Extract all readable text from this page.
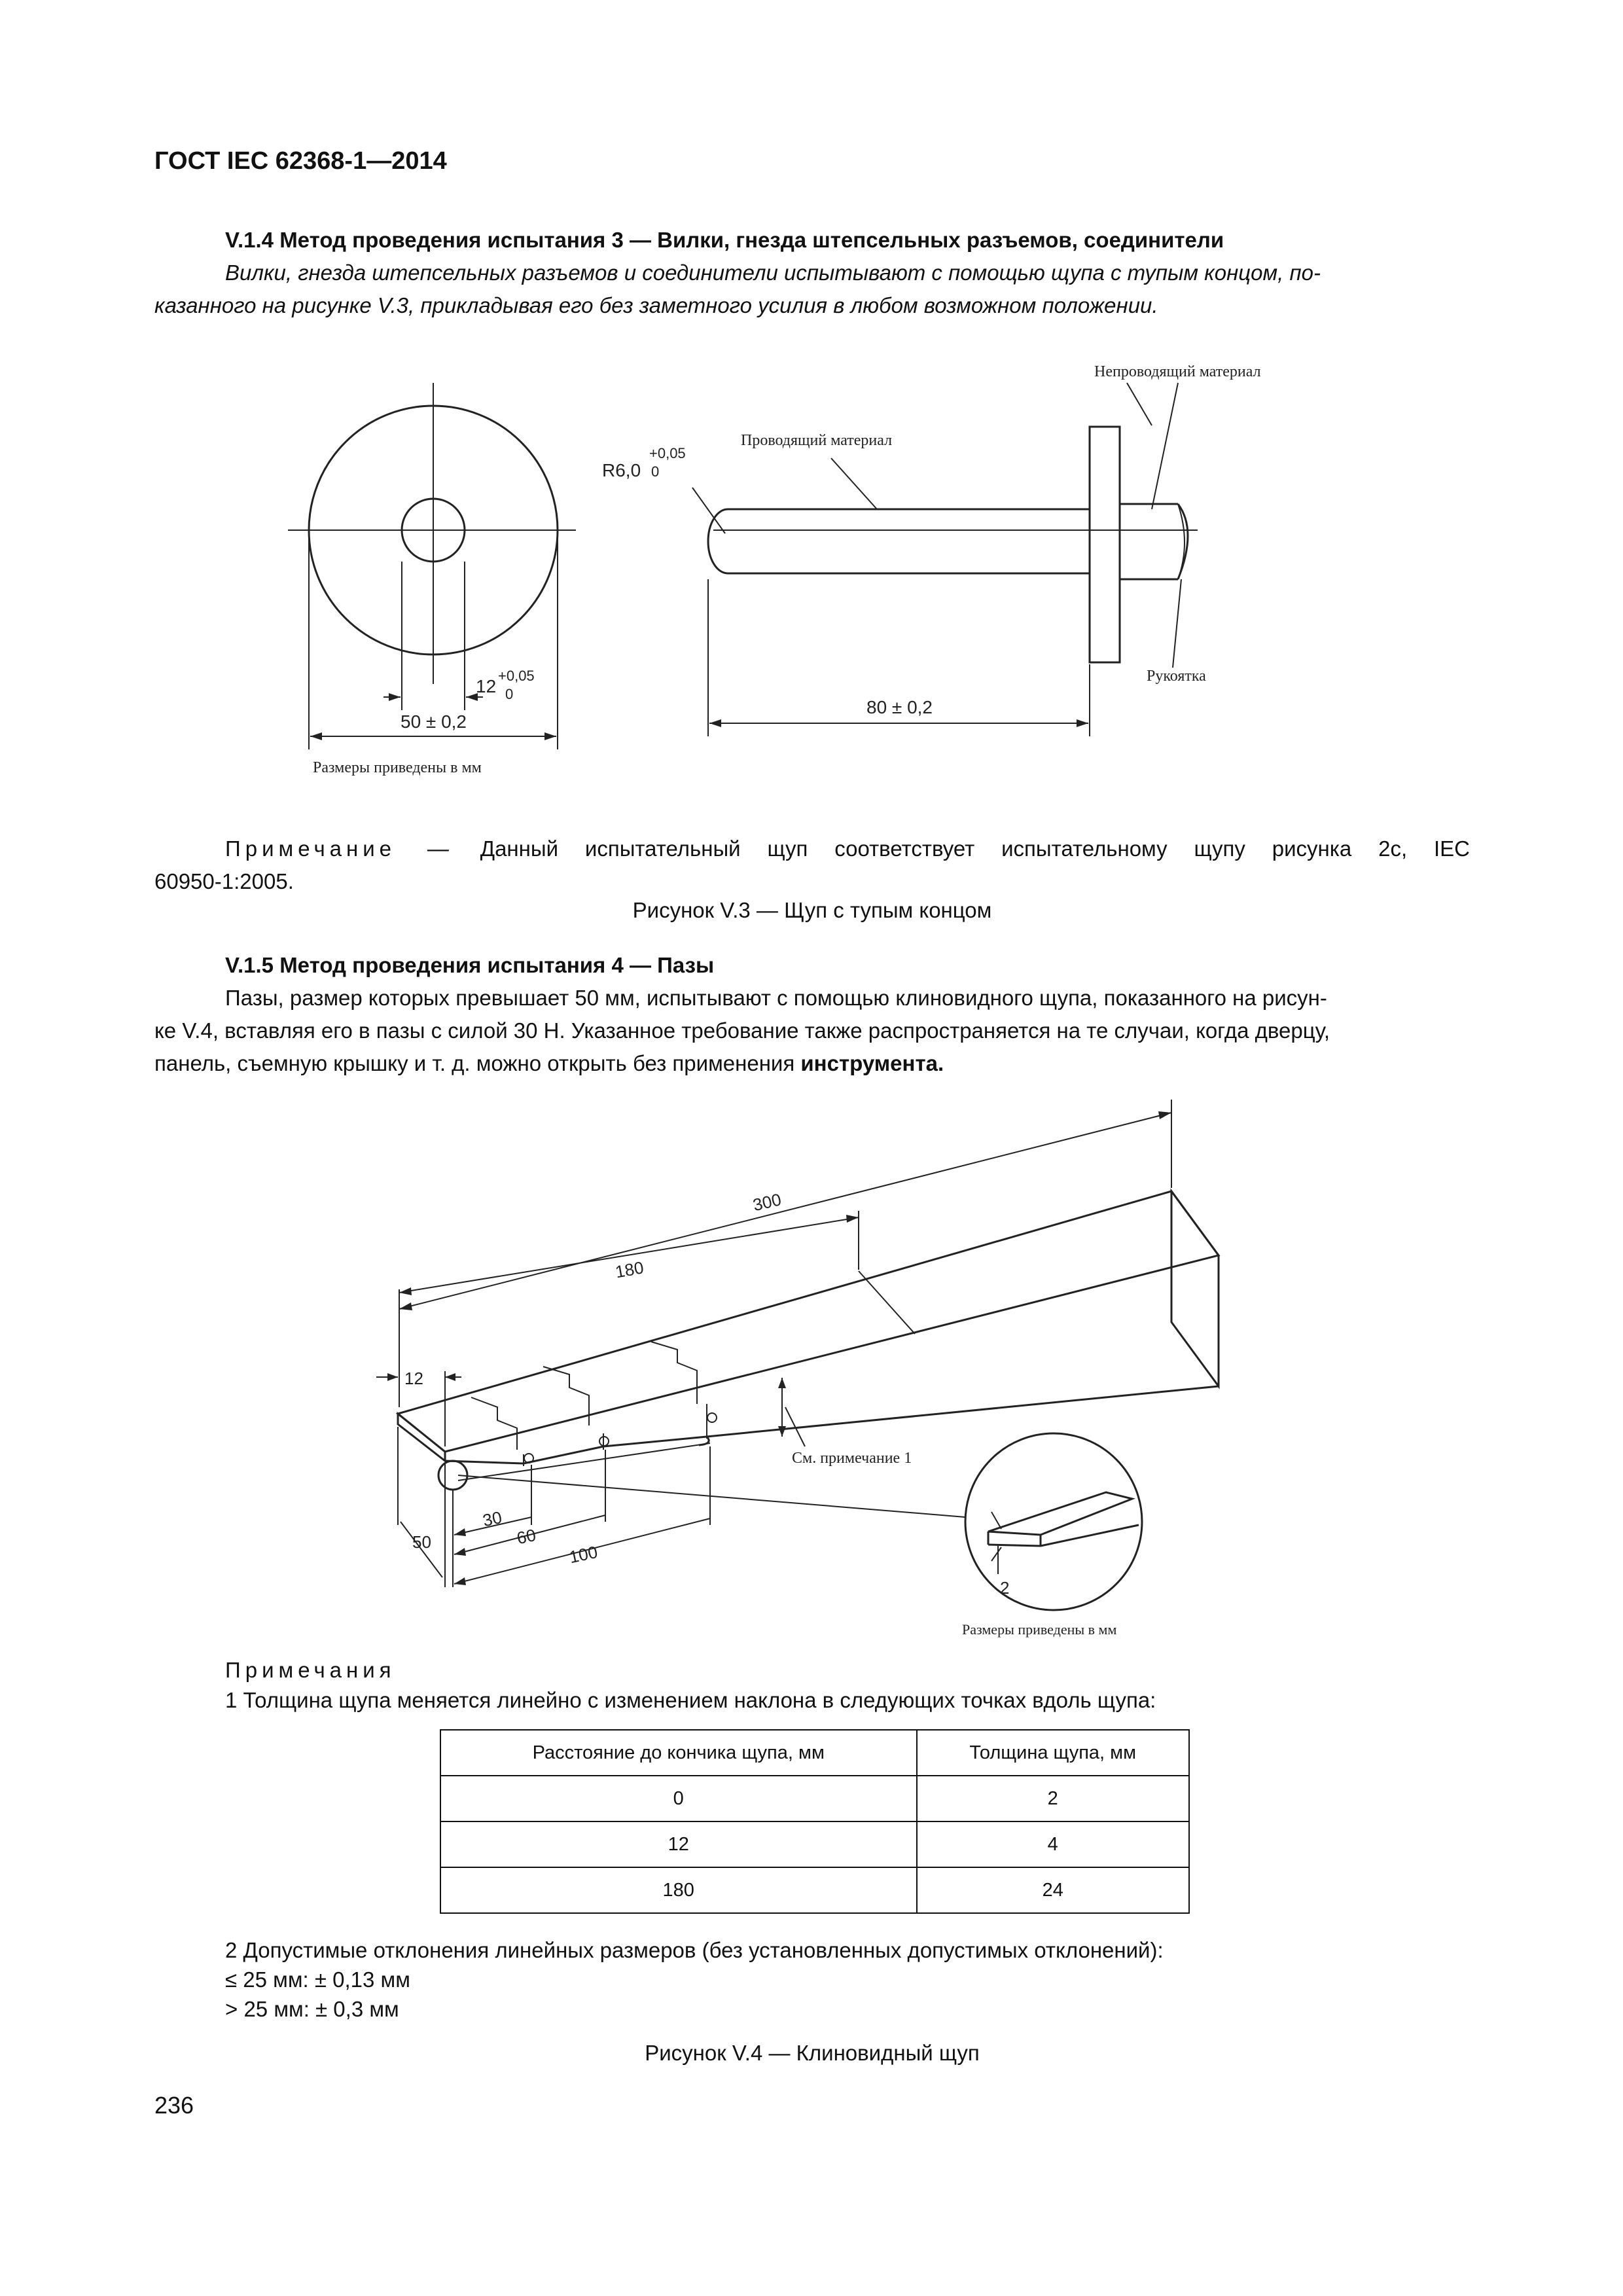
ГОСТ IEC 62368-1—2014
V.1.4 Метод проведения испытания 3 — Вилки, гнезда штепсельных разъемов, соединители
Вилки, гнезда штепсельных разъемов и соединители испытывают с помощью щупа с тупым концом, по-
казанного на рисунке V.3, прикладывая его без заметного усилия в любом возможном положении.
Непроводящий материал
Проводящий материал
R6,0
+0,05
0
Рукоятка
12
+0,05
0
50 ± 0,2
80 ± 0,2
Размеры приведены в мм
Примечание — Данный испытательный щуп соответствует испытательному щупу рисунка 2с, IEC
60950-1:2005.
Рисунок V.3 — Щуп с тупым концом
V.1.5 Метод проведения испытания 4 — Пазы
Пазы, размер которых превышает 50 мм, испытывают с помощью клиновидного щупа, показанного на рисун-
ке V.4, вставляя его в пазы с силой 30 Н. Указанное требование также распространяется на те случаи, когда дверцу,
панель, съемную крышку и т. д. можно открыть без применения инструмента.
300
180
12
30
60
100
50
2
См. примечание 1
Размеры приведены в мм
Примечания
1 Толщина щупа меняется линейно с изменением наклона в следующих точках вдоль щупа:
Расстояние до кончика щупа, мм	Толщина щупа, мм
0	2
12	4
180	24
2 Допустимые отклонения линейных размеров (без установленных допустимых отклонений):
≤ 25 мм: ± 0,13 мм
> 25 мм: ± 0,3 мм
Рисунок V.4 — Клиновидный щуп
236
